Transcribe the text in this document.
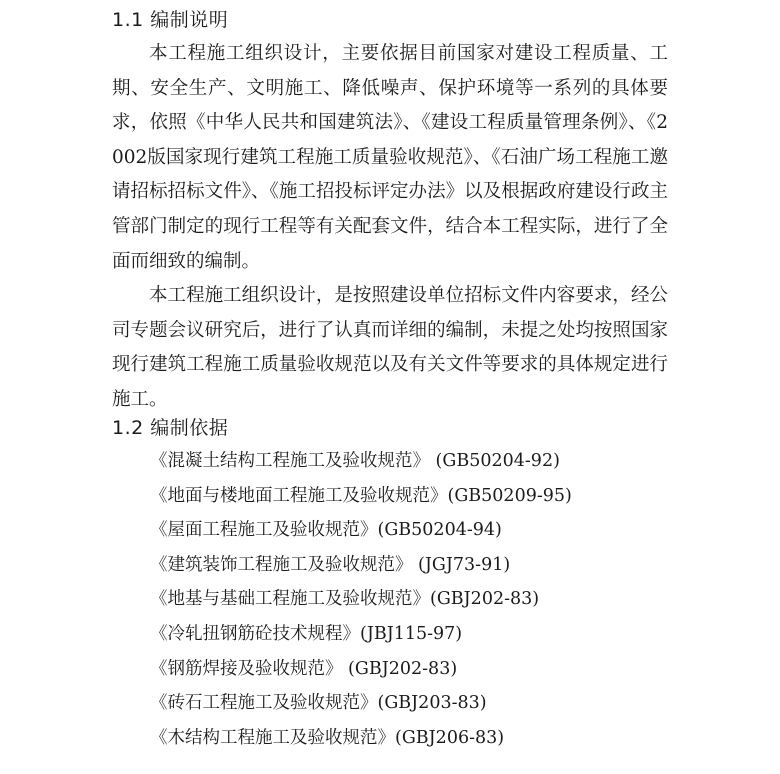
1.1 编制说明

本工程施工组织设计，主要依据目前国家对建设工程质量、工期、安全生产、文明施工、降低噪声、保护环境等一系列的具体要求，依照《中华人民共和国建筑法》、《建设工程质量管理条例》、《2002版国家现行建筑工程施工质量验收规范》、《石油广场工程施工邀请招标招标文件》、《施工招投标评定办法》以及根据政府建设行政主管部门制定的现行工程等有关配套文件，结合本工程实际，进行了全面而细致的编制。

本工程施工组织设计，是按照建设单位招标文件内容要求，经公司专题会议研究后，进行了认真而详细的编制，未提之处均按照国家现行建筑工程施工质量验收规范以及有关文件等要求的具体规定进行施工。

1.2 编制依据
《混凝土结构工程施工及验收规范》 (GB50204-92)
《地面与楼地面工程施工及验收规范》(GB50209-95)
《屋面工程施工及验收规范》(GB50204-94)
《建筑装饰工程施工及验收规范》 (JGJ73-91)
《地基与基础工程施工及验收规范》(GBJ202-83)
《冷轧扭钢筋砼技术规程》(JBJ115-97)
《钢筋焊接及验收规范》 (GBJ202-83)
《砖石工程施工及验收规范》(GBJ203-83)
《木结构工程施工及验收规范》(GBJ206-83)
